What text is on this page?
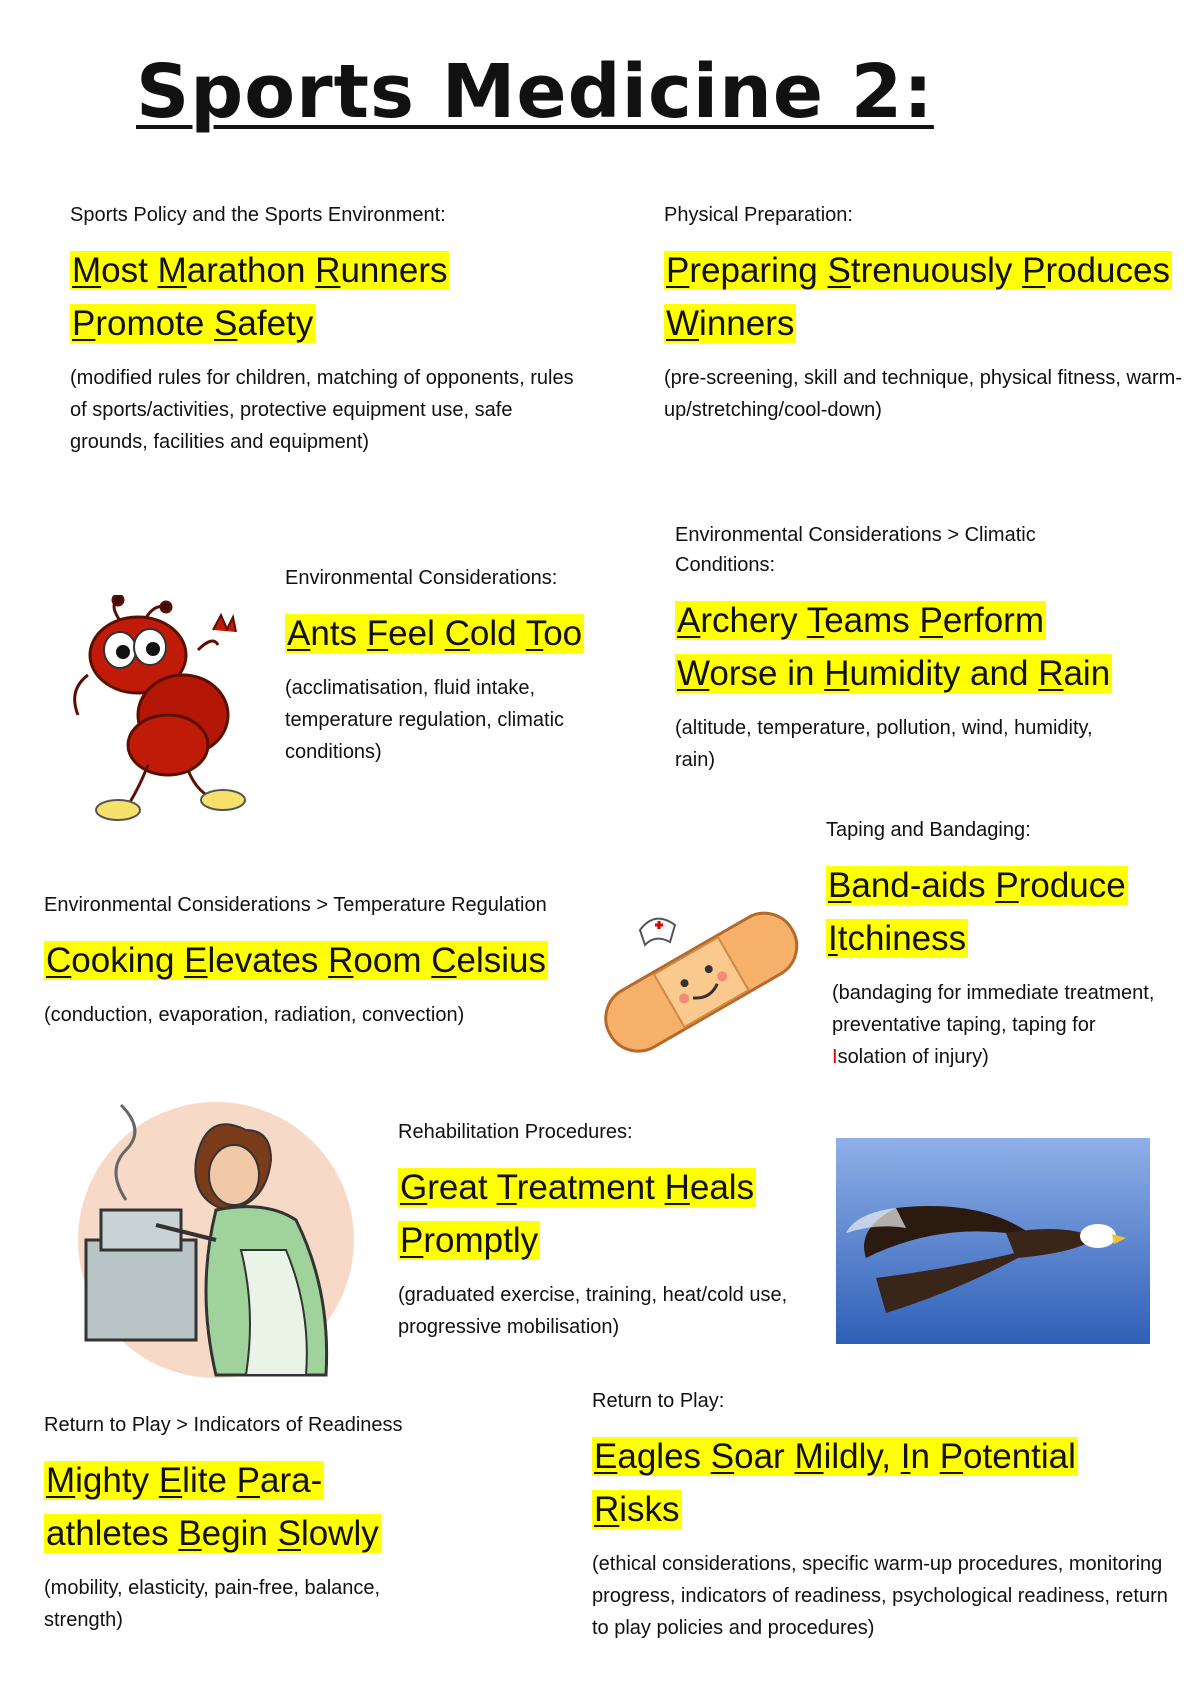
Sports Medicine 2:

Sports Policy and the Sports Environment:

Most Marathon Runners
Promote Safety

(modified rules for children, matching of opponents, rules of sports/activities, protective equipment use, safe grounds, facilities and equipment)

Physical Preparation:

Preparing Strenuously Produces
Winners

(pre-screening, skill and technique, physical fitness, warm-up/stretching/cool-down)

Environmental Considerations:

Ants Feel Cold Too

(acclimatisation, fluid intake, temperature regulation, climatic conditions)

Environmental Considerations > Climatic Conditions:

Archery Teams Perform
Worse in Humidity and Rain

(altitude, temperature, pollution, wind, humidity, rain)

Taping and Bandaging:

Band-aids Produce
Itchiness

(bandaging for immediate treatment, preventative taping, taping for Isolation of injury)

Environmental Considerations > Temperature Regulation

Cooking Elevates Room Celsius

(conduction, evaporation, radiation, convection)

Rehabilitation Procedures:

Great Treatment Heals
Promptly

(graduated exercise, training, heat/cold use, progressive mobilisation)

Return to Play > Indicators of Readiness

Mighty Elite Para-
athletes Begin Slowly

(mobility, elasticity, pain-free, balance, strength)

Return to Play:

Eagles Soar Mildly, In Potential
Risks

(ethical considerations, specific warm-up procedures, monitoring progress, indicators of readiness, psychological readiness, return to play policies and procedures)
